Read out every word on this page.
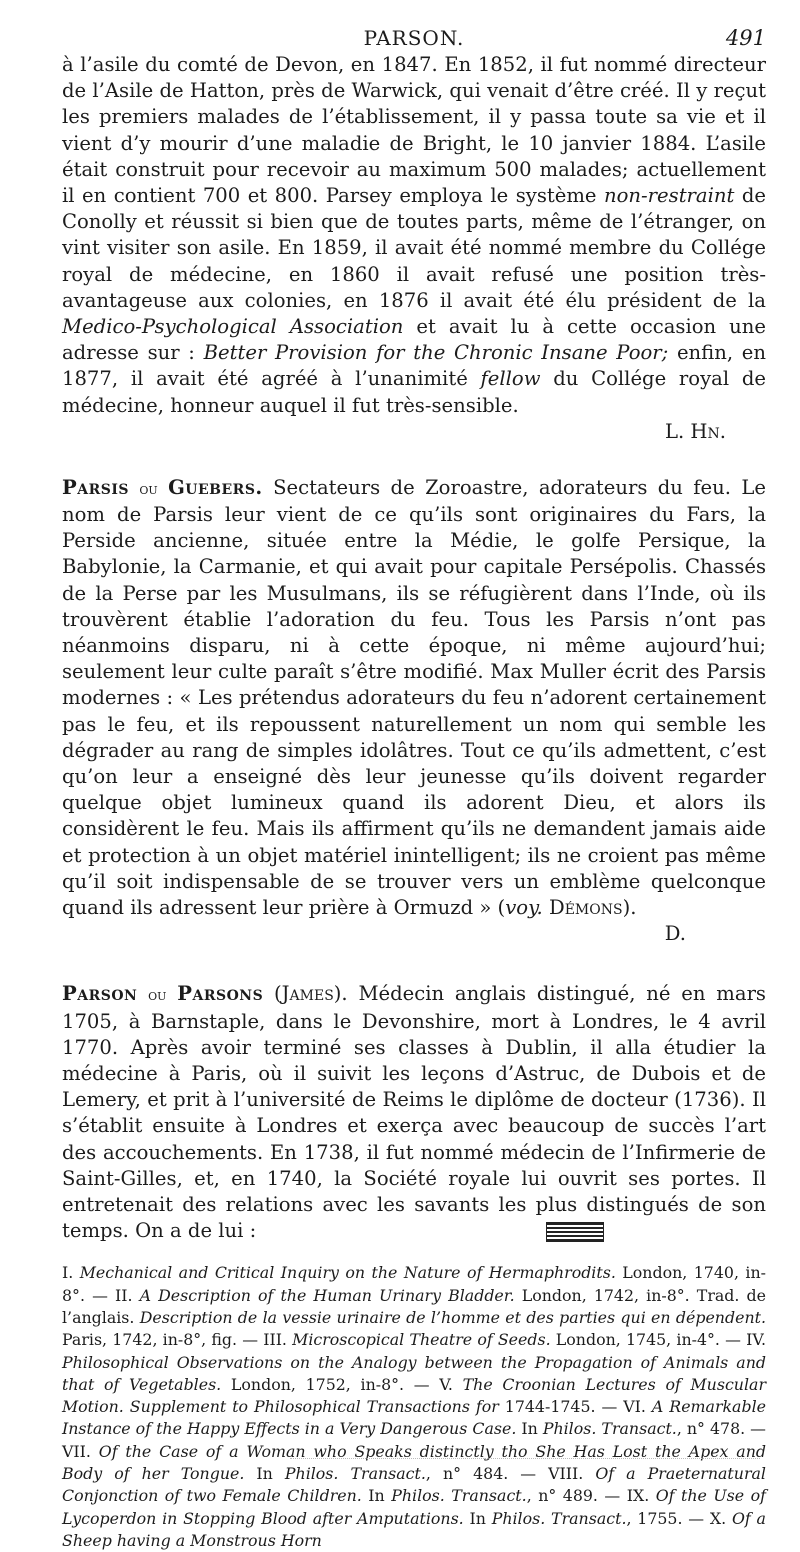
PARSON.	491

à l’asile du comté de Devon, en 1847. En 1852, il fut nommé directeur de l’Asile de Hatton, près de Warwick, qui venait d’être créé. Il y reçut les premiers malades de l’établissement, il y passa toute sa vie et il vient d’y mourir d’une maladie de Bright, le 10 janvier 1884. L’asile était construit pour recevoir au maximum 500 malades; actuellement il en contient 700 et 800. Parsey employa le système non-restraint de Conolly et réussit si bien que de toutes parts, même de l’étranger, on vint visiter son asile. En 1859, il avait été nommé membre du Collége royal de médecine, en 1860 il avait refusé une position très-avantageuse aux colonies, en 1876 il avait été élu président de la Medico-Psychological Association et avait lu à cette occasion une adresse sur : Better Provision for the Chronic Insane Poor; enfin, en 1877, il avait été agréé à l’unanimité fellow du Collége royal de médecine, honneur auquel il fut très-sensible.

L. Hn.

Parsis ou Guebers. Sectateurs de Zoroastre, adorateurs du feu. Le nom de Parsis leur vient de ce qu’ils sont originaires du Fars, la Perside ancienne, située entre la Médie, le golfe Persique, la Babylonie, la Carmanie, et qui avait pour capitale Persépolis. Chassés de la Perse par les Musulmans, ils se réfugièrent dans l’Inde, où ils trouvèrent établie l’adoration du feu. Tous les Parsis n’ont pas néanmoins disparu, ni à cette époque, ni même aujourd’hui; seulement leur culte paraît s’être modifié. Max Muller écrit des Parsis modernes : « Les prétendus adorateurs du feu n’adorent certainement pas le feu, et ils repoussent naturellement un nom qui semble les dégrader au rang de simples idolâtres. Tout ce qu’ils admettent, c’est qu’on leur a enseigné dès leur jeunesse qu’ils doivent regarder quelque objet lumineux quand ils adorent Dieu, et alors ils considèrent le feu. Mais ils affirment qu’ils ne demandent jamais aide et protection à un objet matériel inintelligent; ils ne croient pas même qu’il soit indispensable de se trouver vers un emblème quelconque quand ils adressent leur prière à Ormuzd » (voy. Démons).

D.

Parson ou Parsons (James). Médecin anglais distingué, né en mars 1705, à Barnstaple, dans le Devonshire, mort à Londres, le 4 avril 1770. Après avoir terminé ses classes à Dublin, il alla étudier la médecine à Paris, où il suivit les leçons d’Astruc, de Dubois et de Lemery, et prit à l’université de Reims le diplôme de docteur (1736). Il s’établit ensuite à Londres et exerça avec beaucoup de succès l’art des accouchements. En 1738, il fut nommé médecin de l’Infirmerie de Saint-Gilles, et, en 1740, la Société royale lui ouvrit ses portes. Il entretenait des relations avec les savants les plus distingués de son temps. On a de lui :

I. Mechanical and Critical Inquiry on the Nature of Hermaphrodits. London, 1740, in-8°. — II. A Description of the Human Urinary Bladder. London, 1742, in-8°. Trad. de l’anglais. Description de la vessie urinaire de l’homme et des parties qui en dépendent. Paris, 1742, in-8°, fig. — III. Microscopical Theatre of Seeds. London, 1745, in-4°. — IV. Philosophical Observations on the Analogy between the Propagation of Animals and that of Vegetables. London, 1752, in-8°. — V. The Croonian Lectures of Muscular Motion. Supplement to Philosophical Transactions for 1744-1745. — VI. A Remarkable Instance of the Happy Effects in a Very Dangerous Case. In Philos. Transact., n° 478. — VII. Of the Case of a Woman who Speaks distinctly tho She Has Lost the Apex and Body of her Tongue. In Philos. Transact., n° 484. — VIII. Of a Praeternatural Conjonction of two Female Children. In Philos. Transact., n° 489. — IX. Of the Use of Lycoperdon in Stopping Blood after Amputations. In Philos. Transact., 1755. — X. Of a Sheep having a Monstrous Horn
